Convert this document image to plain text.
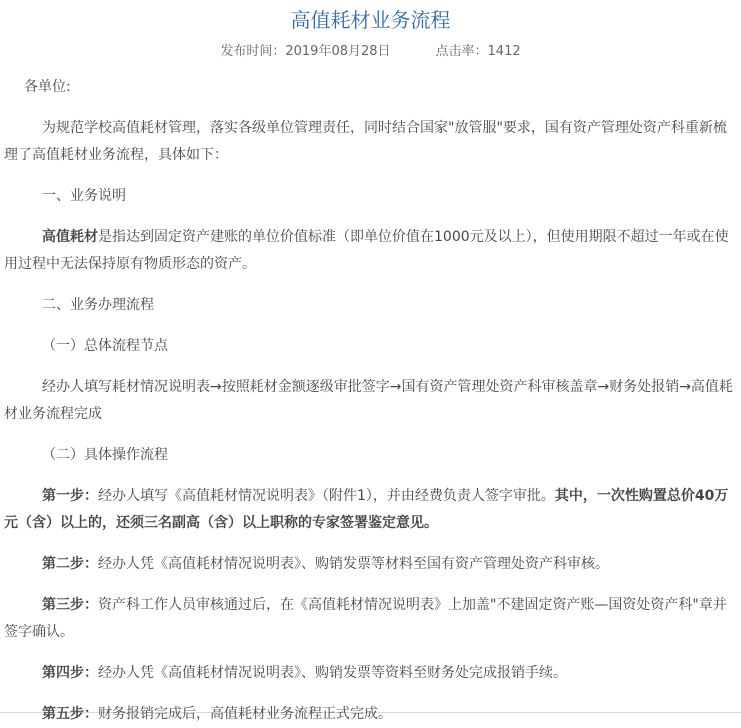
高值耗材业务流程
发布时间：2019年08月28日	点击率：1412

各单位:

为规范学校高值耗材管理，落实各级单位管理责任，同时结合国家"放管服"要求，国有资产管理处资产科重新梳理了高值耗材业务流程，具体如下：

一、业务说明

高值耗材是指达到固定资产建账的单位价值标准（即单位价值在1000元及以上），但使用期限不超过一年或在使用过程中无法保持原有物质形态的资产。

二、业务办理流程

（一）总体流程节点

经办人填写耗材情况说明表→按照耗材金额逐级审批签字→国有资产管理处资产科审核盖章→财务处报销→高值耗材业务流程完成

（二）具体操作流程

第一步：经办人填写《高值耗材情况说明表》（附件1），并由经费负责人签字审批。其中，一次性购置总价40万元（含）以上的，还须三名副高（含）以上职称的专家签署鉴定意见。

第二步：经办人凭《高值耗材情况说明表》、购销发票等材料至国有资产管理处资产科审核。

第三步：资产科工作人员审核通过后，在《高值耗材情况说明表》上加盖"不建固定资产账—国资处资产科"章并签字确认。

第四步：经办人凭《高值耗材情况说明表》、购销发票等资料至财务处完成报销手续。

第五步：财务报销完成后，高值耗材业务流程正式完成。
